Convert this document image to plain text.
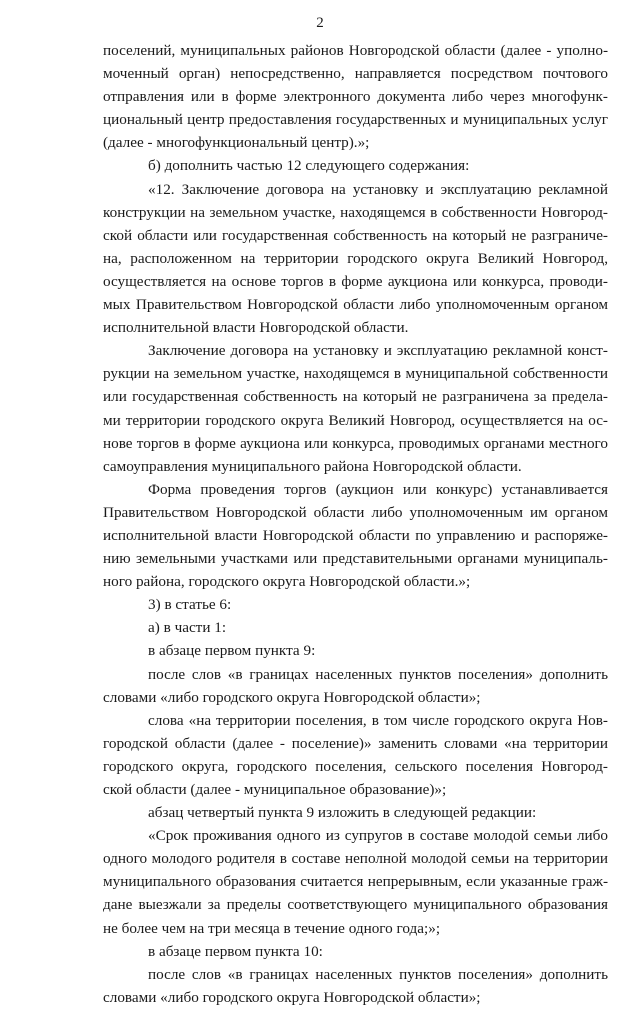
2

поселений, муниципальных районов Новгородской области (далее - уполно-

моченный орган) непосредственно, направляется посредством почтового

отправления или в форме электронного документа либо через многофунк-

циональный центр предоставления государственных и муниципальных услуг

(далее - многофункциональный центр).»;

б) дополнить частью 12 следующего содержания:

«12. Заключение договора на установку и эксплуатацию рекламной

конструкции на земельном участке, находящемся в собственности Новгород-

ской области или государственная собственность на который не разграниче-

на, расположенном на территории городского округа Великий Новгород,

осуществляется на основе торгов в форме аукциона или конкурса, проводи-

мых Правительством Новгородской области либо уполномоченным органом

исполнительной власти Новгородской области.

Заключение договора на установку и эксплуатацию рекламной конст-

рукции на земельном участке, находящемся в муниципальной собственности

или государственная собственность на который не разграничена за предела-

ми территории городского округа Великий Новгород, осуществляется на ос-

нове торгов в форме аукциона или конкурса, проводимых органами местного

самоуправления муниципального района Новгородской области.

Форма проведения торгов (аукцион или конкурс) устанавливается

Правительством Новгородской области либо уполномоченным им органом

исполнительной власти Новгородской области по управлению и распоряже-

нию земельными участками или представительными органами муниципаль-

ного района, городского округа Новгородской области.»;

3) в статье 6:

а) в части 1:

в абзаце первом пункта 9:

после слов «в границах населенных пунктов поселения» дополнить

словами «либо городского округа Новгородской области»;

слова «на территории поселения, в том числе городского округа Нов-

городской области (далее - поселение)» заменить словами «на территории

городского округа, городского поселения, сельского поселения Новгород-

ской области (далее - муниципальное образование)»;

абзац четвертый пункта 9 изложить в следующей редакции:

«Срок проживания одного из супругов в составе молодой семьи либо

одного молодого родителя в составе неполной молодой семьи на территории

муниципального образования считается непрерывным, если указанные граж-

дане выезжали за пределы соответствующего муниципального образования

не более чем на три месяца в течение одного года;»;

в абзаце первом пункта 10:

после слов «в границах населенных пунктов поселения» дополнить

словами «либо городского округа Новгородской области»;
